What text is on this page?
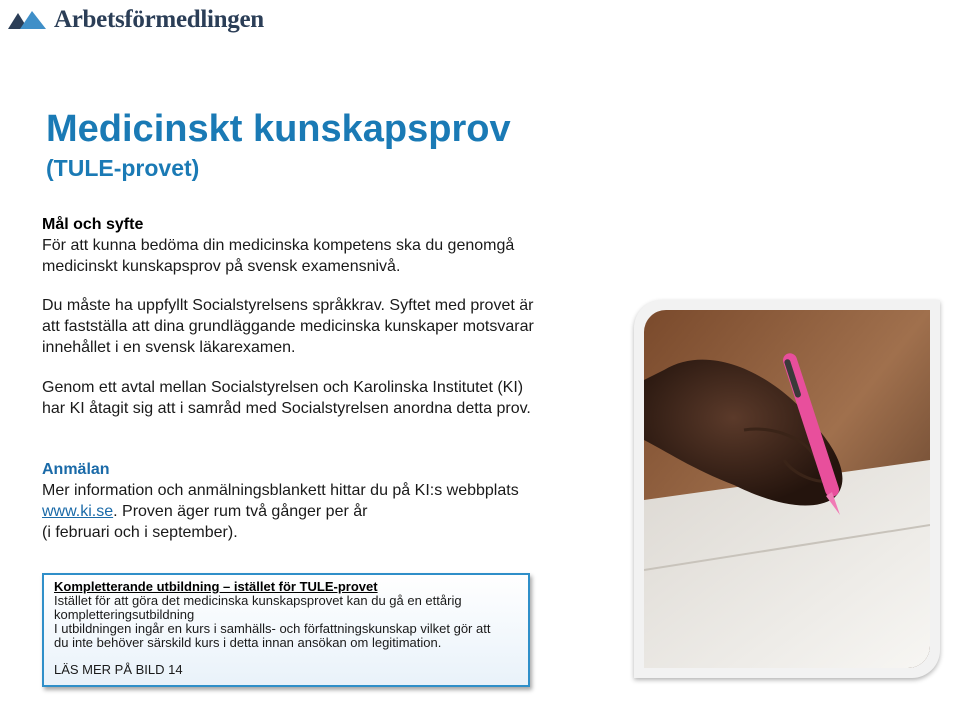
Arbetsförmedlingen
Medicinskt kunskapsprov
(TULE-provet)
Mål och syfte
För att kunna bedöma din medicinska kompetens ska du genomgå
medicinskt kunskapsprov på svensk examensnivå.
Du måste ha uppfyllt Socialstyrelsens språkkrav. Syftet med provet är
att fastställa att dina grundläggande medicinska kunskaper motsvarar
innehållet i en svensk läkarexamen.
Genom ett avtal mellan Socialstyrelsen och Karolinska Institutet (KI)
har KI åtagit sig att i samråd med Socialstyrelsen anordna detta prov.
Anmälan
Mer information och anmälningsblankett hittar du på KI:s webbplats
www.ki.se. Proven äger rum två gånger per år
(i februari och i september).
Kompletterande utbildning – istället för TULE-provet
Istället för att göra det medicinska kunskapsprovet kan du gå en ettårig
kompletteringsutbildning
I utbildningen ingår en kurs i samhälls- och författningskunskap vilket gör att
du inte behöver särskild kurs i detta innan ansökan om legitimation.
LÄS MER PÅ BILD 14
